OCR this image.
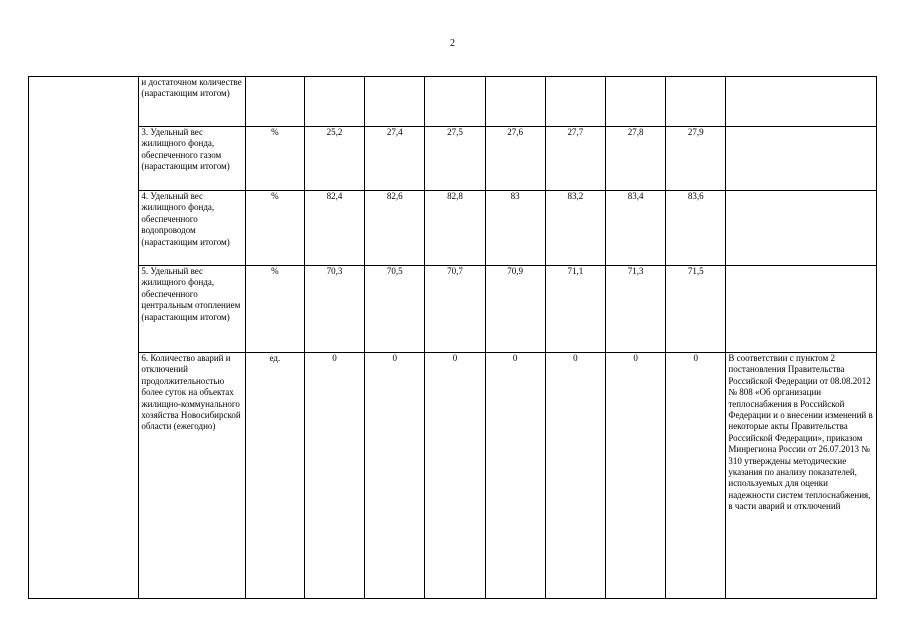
2

	и достаточном количестве (нарастающим итогом)									

	3. Удельный вес жилищного фонда, обеспеченного газом (нарастающим итогом)	%	25,2	27,4	27,5	27,6	27,7	27,8	27,9	

	4. Удельный вес жилищного фонда, обеспеченного водопроводом (нарастающим итогом)	%	82,4	82,6	82,8	83	83,2	83,4	83,6	

	5. Удельный вес жилищного фонда, обеспеченного центральным отоплением (нарастающим итогом)	%	70,3	70,5	70,7	70,9	71,1	71,3	71,5	

	6. Количество аварий и отключений продолжительностью более суток на объектах жилищно-коммунального хозяйства Новосибирской области (ежегодно)	ед.	0	0	0	0	0	0	0	В соответствии с пунктом 2 постановления Правительства Российской Федерации от 08.08.2012 № 808 «Об организации теплоснабжения в Российской Федерации и о внесении изменений в некоторые акты Правительства Российской Федерации», приказом Минрегиона России от 26.07.2013 № 310 утверждены методические указания по анализу показателей, используемых для оценки надежности систем теплоснабжения, в части аварий и отключений
